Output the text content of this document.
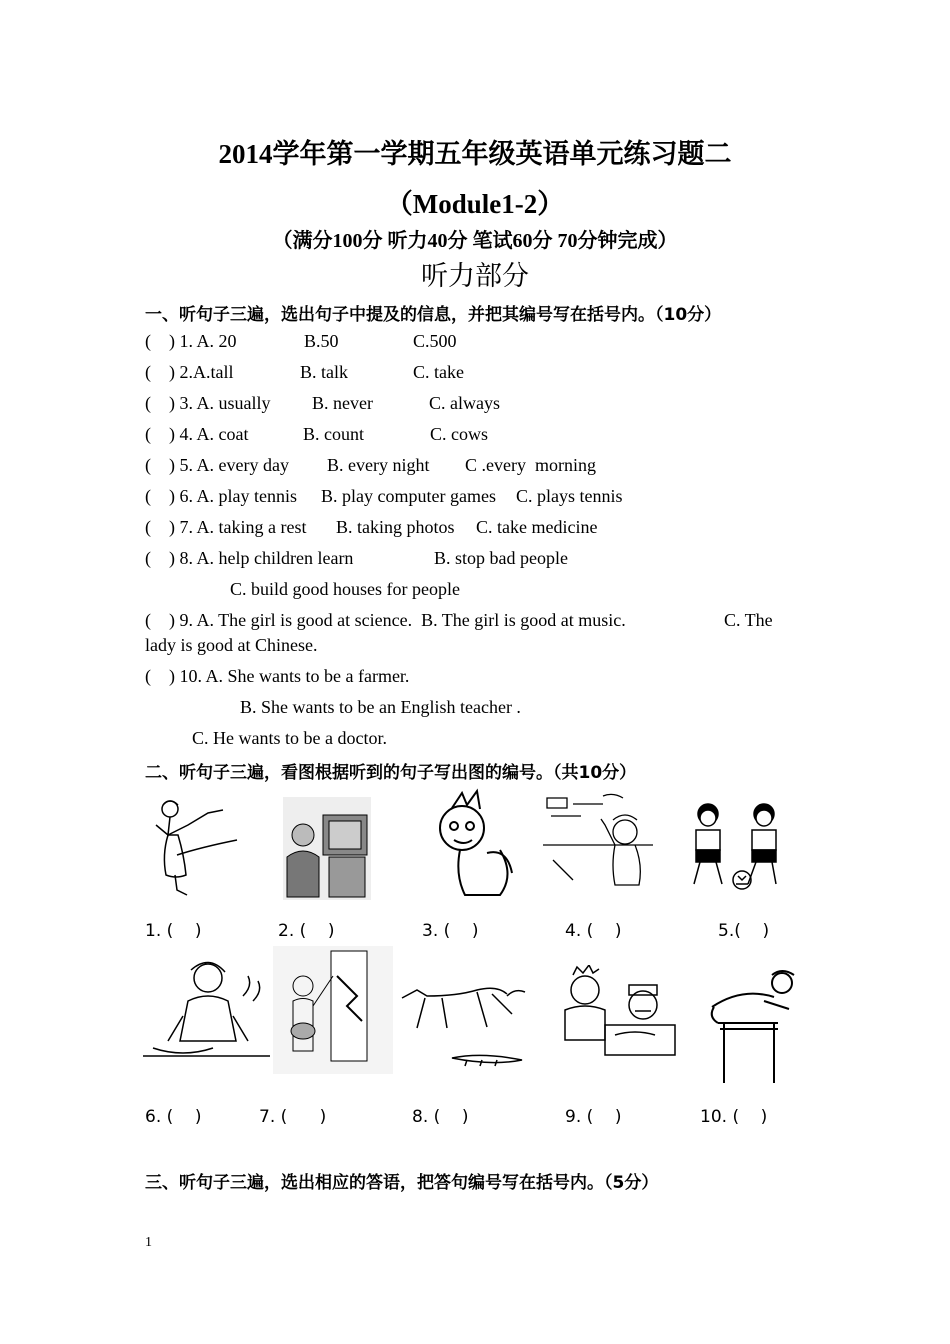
2014学年第一学期五年级英语单元练习题二
（Module1-2）
（满分100分 听力40分 笔试60分 70分钟完成）
听力部分
一、听句子三遍，选出句子中提及的信息，并把其编号写在括号内。（10分）
(    ) 1. A. 20	B.50	C.500
(    ) 2.A.tall	B. talk	C. take
(    ) 3. A. usually B. never	C. always
(    ) 4. A. coat	B. count	C. cows
(    ) 5. A. every day B. every night C .every  morning
(    ) 6. A. play tennis B. play computer games C. plays tennis
(    ) 7. A. taking a rest B. taking photos C. take medicine
(    ) 8. A. help children learn	B. stop bad people
C. build good houses for people
(    ) 9. A. The girl is good at science.  B. The girl is good at music.	C. The
lady is good at Chinese.
(    ) 10. A. She wants to be a farmer.
B. She wants to be an English teacher .
C. He wants to be a doctor.
二、听句子三遍，看图根据听到的句子写出图的编号。（共10分）
1. (    )	2. (    )	3. (    )	4. (    )	5.(    )
6. (    )	7. (      )	8. (    )	9. (    )	10. (    )
三、听句子三遍，选出相应的答语，把答句编号写在括号内。（5分）
1
